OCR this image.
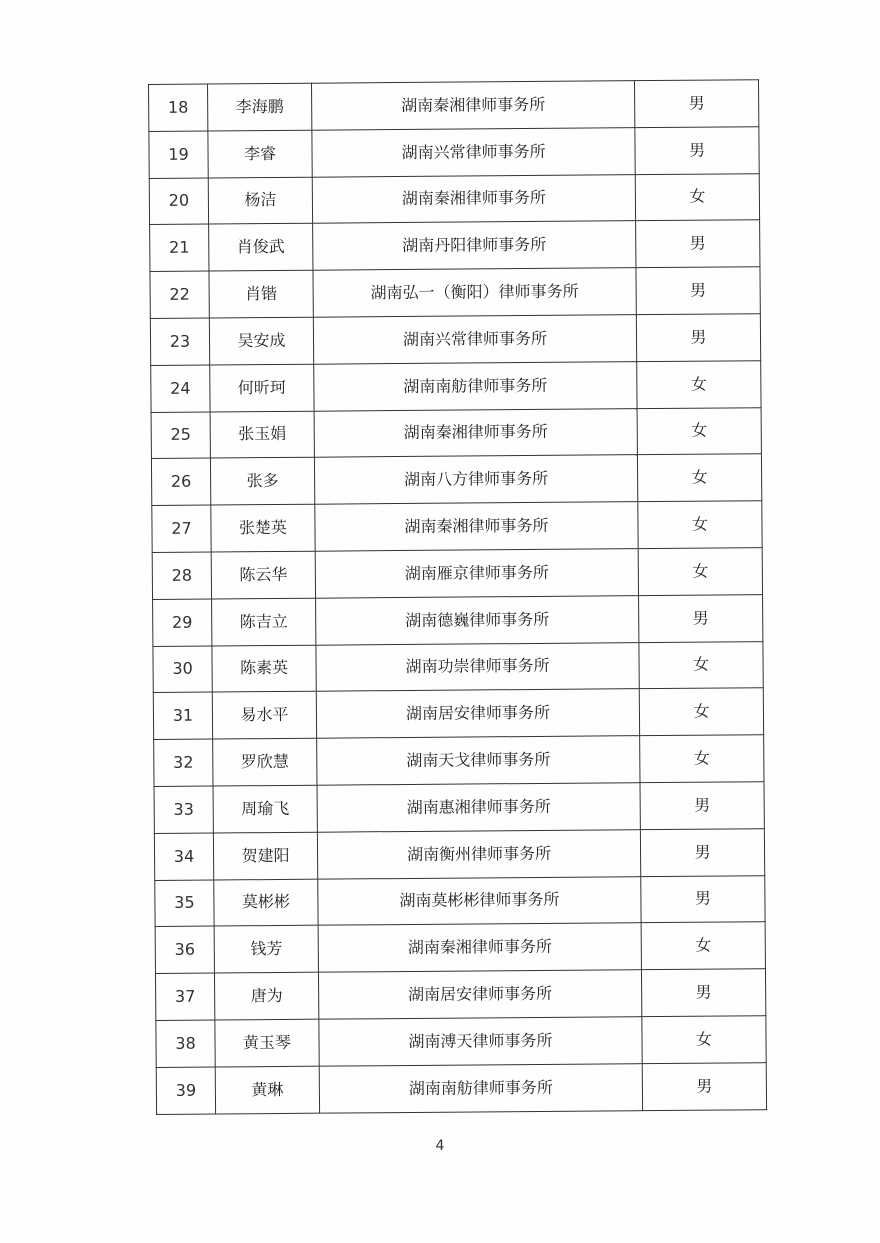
18	李海鹏	湖南秦湘律师事务所	男
19	李睿	湖南兴常律师事务所	男
20	杨洁	湖南秦湘律师事务所	女
21	肖俊武	湖南丹阳律师事务所	男
22	肖锴	湖南弘一（衡阳）律师事务所	男
23	吴安成	湖南兴常律师事务所	男
24	何昕珂	湖南南舫律师事务所	女
25	张玉娟	湖南秦湘律师事务所	女
26	张多	湖南八方律师事务所	女
27	张楚英	湖南秦湘律师事务所	女
28	陈云华	湖南雁京律师事务所	女
29	陈吉立	湖南德巍律师事务所	男
30	陈素英	湖南功崇律师事务所	女
31	易水平	湖南居安律师事务所	女
32	罗欣慧	湖南天戈律师事务所	女
33	周瑜飞	湖南惠湘律师事务所	男
34	贺建阳	湖南衡州律师事务所	男
35	莫彬彬	湖南莫彬彬律师事务所	男
36	钱芳	湖南秦湘律师事务所	女
37	唐为	湖南居安律师事务所	男
38	黄玉琴	湖南溥天律师事务所	女
39	黄琳	湖南南舫律师事务所	男
4
